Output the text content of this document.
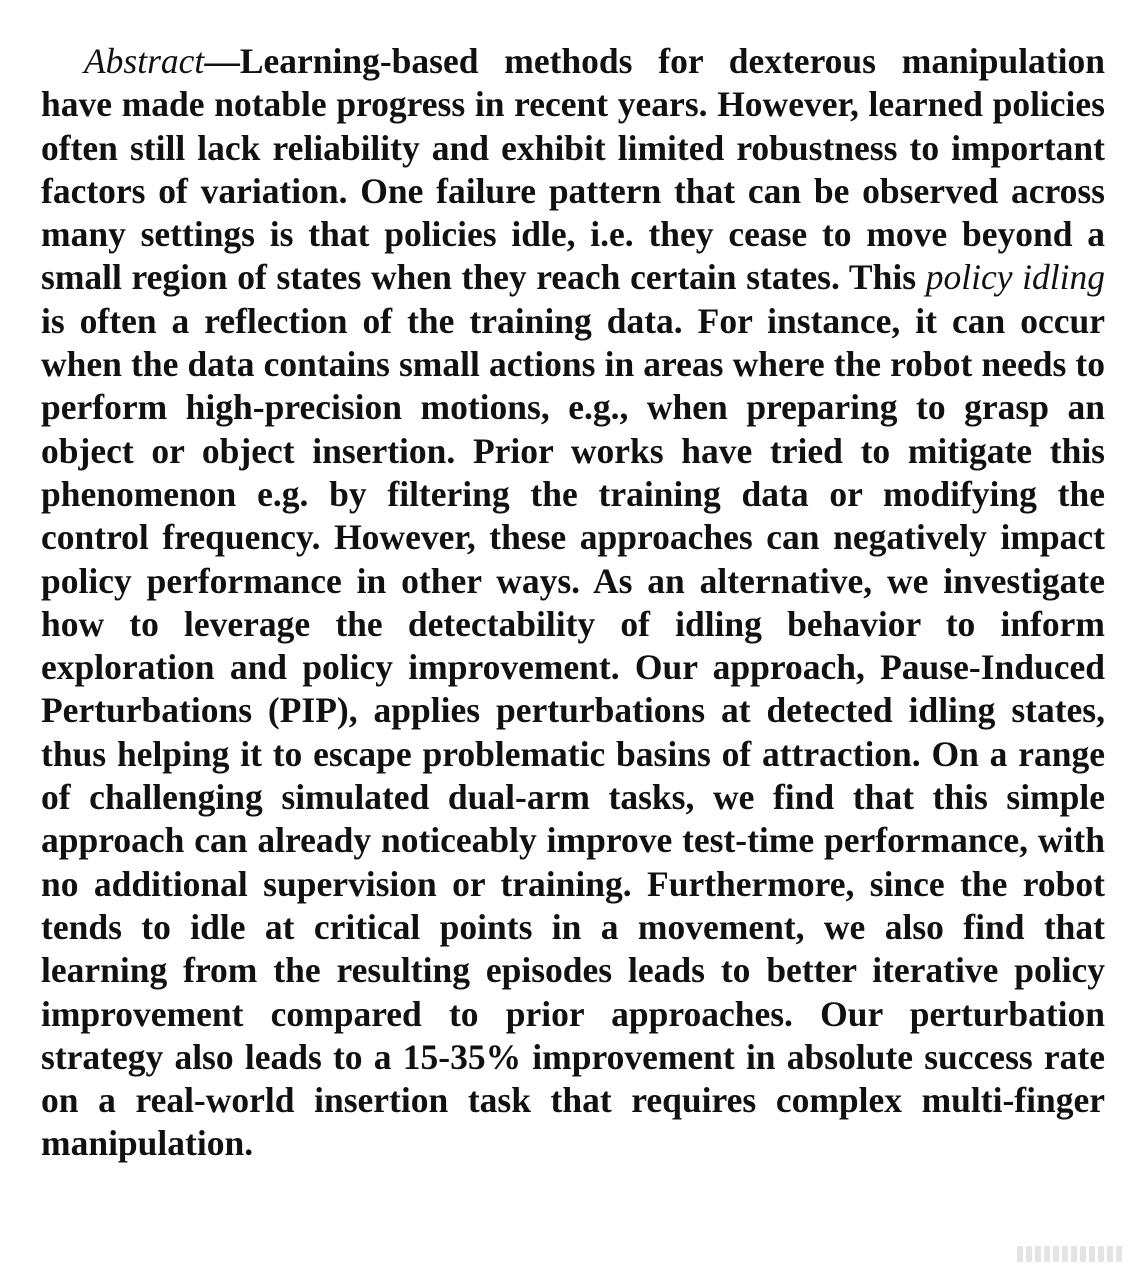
Abstract—Learning-based methods for dexterous manipulation have made notable progress in recent years. However, learned policies often still lack reliability and exhibit limited robustness to important factors of variation. One failure pattern that can be observed across many settings is that policies idle, i.e. they cease to move beyond a small region of states when they reach certain states. This policy idling is often a reflection of the training data. For instance, it can occur when the data contains small actions in areas where the robot needs to perform high-precision motions, e.g., when preparing to grasp an object or object insertion. Prior works have tried to mitigate this phenomenon e.g. by filtering the training data or modifying the control frequency. However, these approaches can negatively impact policy performance in other ways. As an alternative, we investigate how to leverage the detectability of idling behavior to inform exploration and policy improvement. Our approach, Pause-Induced Perturbations (PIP), applies perturbations at detected idling states, thus helping it to escape problematic basins of attraction. On a range of challenging simulated dual-arm tasks, we find that this simple approach can already noticeably improve test-time performance, with no additional supervision or training. Furthermore, since the robot tends to idle at critical points in a movement, we also find that learning from the resulting episodes leads to better iterative policy improvement compared to prior approaches. Our perturbation strategy also leads to a 15-35% improvement in absolute success rate on a real-world insertion task that requires complex multi-finger manipulation.
